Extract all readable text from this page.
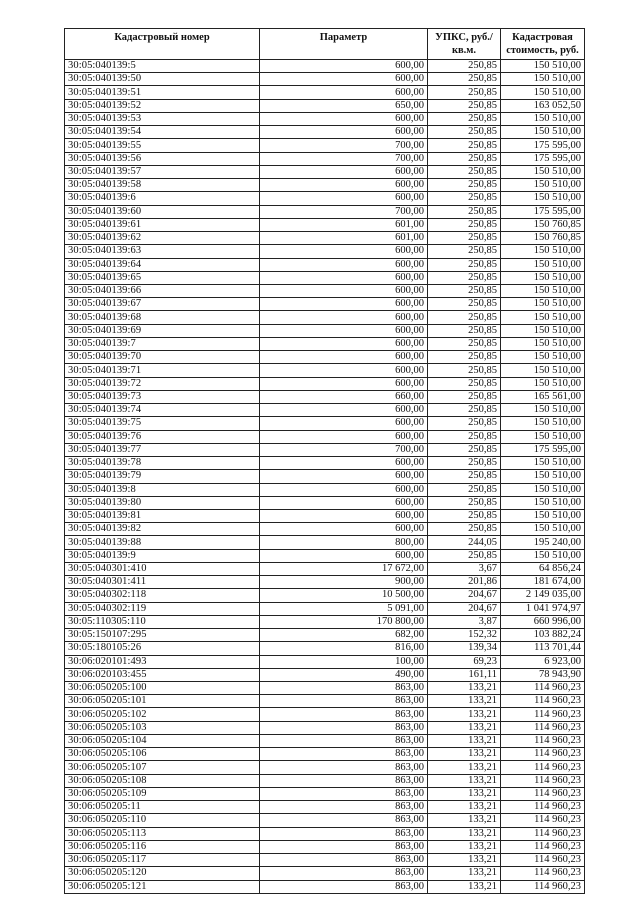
Кадастровый номер	Параметр	УПКС, руб./кв.м.	Кадастровая стоимость, руб.
30:05:040139:5	600,00	250,85	150 510,00
30:05:040139:50	600,00	250,85	150 510,00
30:05:040139:51	600,00	250,85	150 510,00
30:05:040139:52	650,00	250,85	163 052,50
30:05:040139:53	600,00	250,85	150 510,00
30:05:040139:54	600,00	250,85	150 510,00
30:05:040139:55	700,00	250,85	175 595,00
30:05:040139:56	700,00	250,85	175 595,00
30:05:040139:57	600,00	250,85	150 510,00
30:05:040139:58	600,00	250,85	150 510,00
30:05:040139:6	600,00	250,85	150 510,00
30:05:040139:60	700,00	250,85	175 595,00
30:05:040139:61	601,00	250,85	150 760,85
30:05:040139:62	601,00	250,85	150 760,85
30:05:040139:63	600,00	250,85	150 510,00
30:05:040139:64	600,00	250,85	150 510,00
30:05:040139:65	600,00	250,85	150 510,00
30:05:040139:66	600,00	250,85	150 510,00
30:05:040139:67	600,00	250,85	150 510,00
30:05:040139:68	600,00	250,85	150 510,00
30:05:040139:69	600,00	250,85	150 510,00
30:05:040139:7	600,00	250,85	150 510,00
30:05:040139:70	600,00	250,85	150 510,00
30:05:040139:71	600,00	250,85	150 510,00
30:05:040139:72	600,00	250,85	150 510,00
30:05:040139:73	660,00	250,85	165 561,00
30:05:040139:74	600,00	250,85	150 510,00
30:05:040139:75	600,00	250,85	150 510,00
30:05:040139:76	600,00	250,85	150 510,00
30:05:040139:77	700,00	250,85	175 595,00
30:05:040139:78	600,00	250,85	150 510,00
30:05:040139:79	600,00	250,85	150 510,00
30:05:040139:8	600,00	250,85	150 510,00
30:05:040139:80	600,00	250,85	150 510,00
30:05:040139:81	600,00	250,85	150 510,00
30:05:040139:82	600,00	250,85	150 510,00
30:05:040139:88	800,00	244,05	195 240,00
30:05:040139:9	600,00	250,85	150 510,00
30:05:040301:410	17 672,00	3,67	64 856,24
30:05:040301:411	900,00	201,86	181 674,00
30:05:040302:118	10 500,00	204,67	2 149 035,00
30:05:040302:119	5 091,00	204,67	1 041 974,97
30:05:110305:110	170 800,00	3,87	660 996,00
30:05:150107:295	682,00	152,32	103 882,24
30:05:180105:26	816,00	139,34	113 701,44
30:06:020101:493	100,00	69,23	6 923,00
30:06:020103:455	490,00	161,11	78 943,90
30:06:050205:100	863,00	133,21	114 960,23
30:06:050205:101	863,00	133,21	114 960,23
30:06:050205:102	863,00	133,21	114 960,23
30:06:050205:103	863,00	133,21	114 960,23
30:06:050205:104	863,00	133,21	114 960,23
30:06:050205:106	863,00	133,21	114 960,23
30:06:050205:107	863,00	133,21	114 960,23
30:06:050205:108	863,00	133,21	114 960,23
30:06:050205:109	863,00	133,21	114 960,23
30:06:050205:11	863,00	133,21	114 960,23
30:06:050205:110	863,00	133,21	114 960,23
30:06:050205:113	863,00	133,21	114 960,23
30:06:050205:116	863,00	133,21	114 960,23
30:06:050205:117	863,00	133,21	114 960,23
30:06:050205:120	863,00	133,21	114 960,23
30:06:050205:121	863,00	133,21	114 960,23
